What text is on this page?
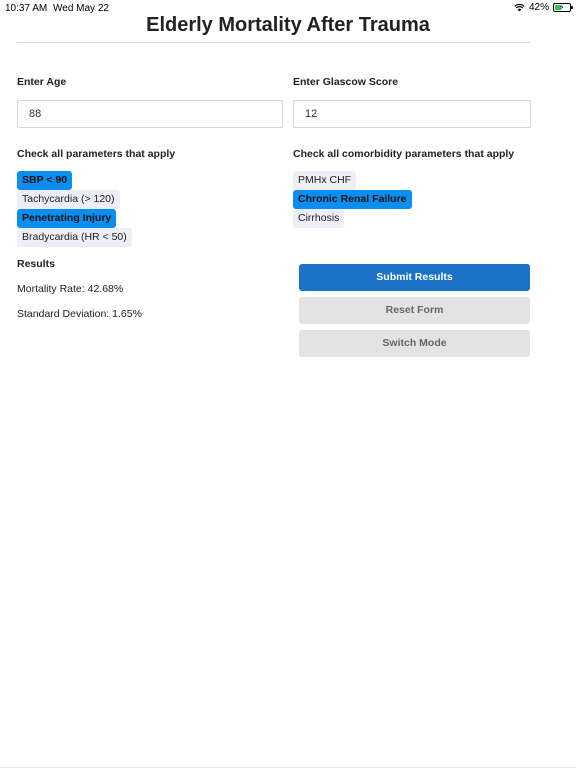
10:37 AM Wed May 22	42% ⚡
Elderly Mortality After Trauma
Enter Age
88	Enter Glascow Score
12
Check all parameters that apply
SBP < 90
Tachycardia (> 120)
Penetrating Injury
Bradycardia (HR < 50)
Check all comorbidity parameters that apply
PMHx CHF
Chronic Renal Failure
Cirrhosis
Results
Mortality Rate: 42.68%
Standard Deviation: 1.65%
Submit Results
Reset Form
Switch Mode
